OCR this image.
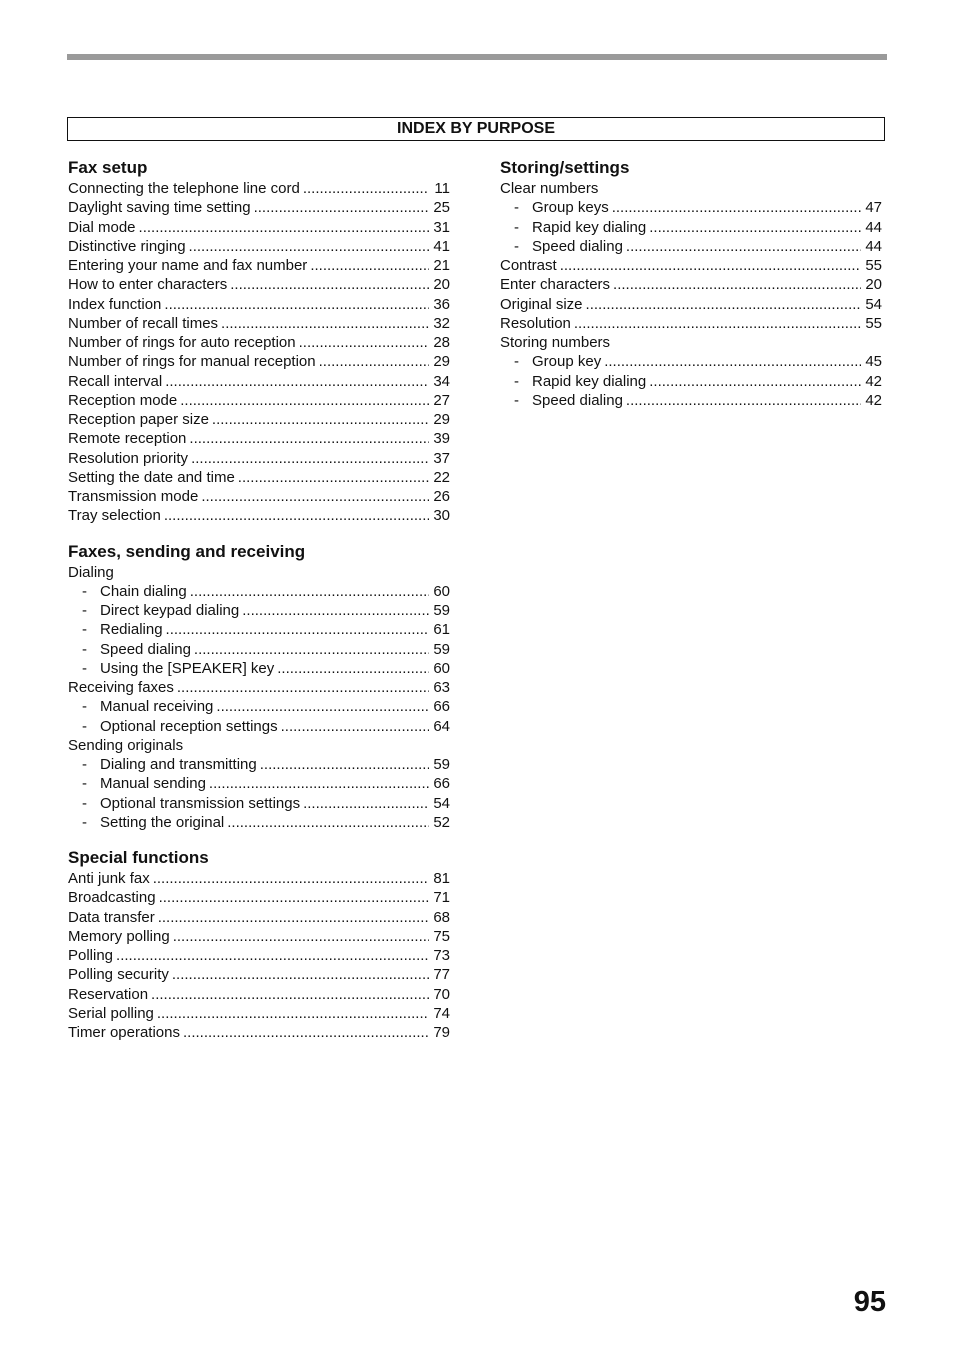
INDEX BY PURPOSE
Fax setup
Connecting the telephone line cord .....	11
Daylight saving time setting .....	25
Dial mode .....	31
Distinctive ringing .....	41
Entering your name and fax number .....	21
How to enter characters .....	20
Index function .....	36
Number of recall times .....	32
Number of rings for auto reception .....	28
Number of rings for manual reception .....	29
Recall interval .....	34
Reception mode .....	27
Reception paper size .....	29
Remote reception .....	39
Resolution priority .....	37
Setting the date and time .....	22
Transmission mode .....	26
Tray selection .....	30
Faxes, sending and receiving
Dialing
- Chain dialing .....	60
- Direct keypad dialing .....	59
- Redialing .....	61
- Speed dialing .....	59
- Using the [SPEAKER] key .....	60
Receiving faxes .....	63
- Manual receiving .....	66
- Optional reception settings .....	64
Sending originals
- Dialing and transmitting .....	59
- Manual sending .....	66
- Optional transmission settings .....	54
- Setting the original .....	52
Special functions
Anti junk fax .....	81
Broadcasting .....	71
Data transfer .....	68
Memory polling .....	75
Polling .....	73
Polling security .....	77
Reservation .....	70
Serial polling .....	74
Timer operations .....	79
Storing/settings
Clear numbers
- Group keys .....	47
- Rapid key dialing .....	44
- Speed dialing .....	44
Contrast .....	55
Enter characters .....	20
Original size .....	54
Resolution .....	55
Storing numbers
- Group key .....	45
- Rapid key dialing .....	42
- Speed dialing .....	42
95
